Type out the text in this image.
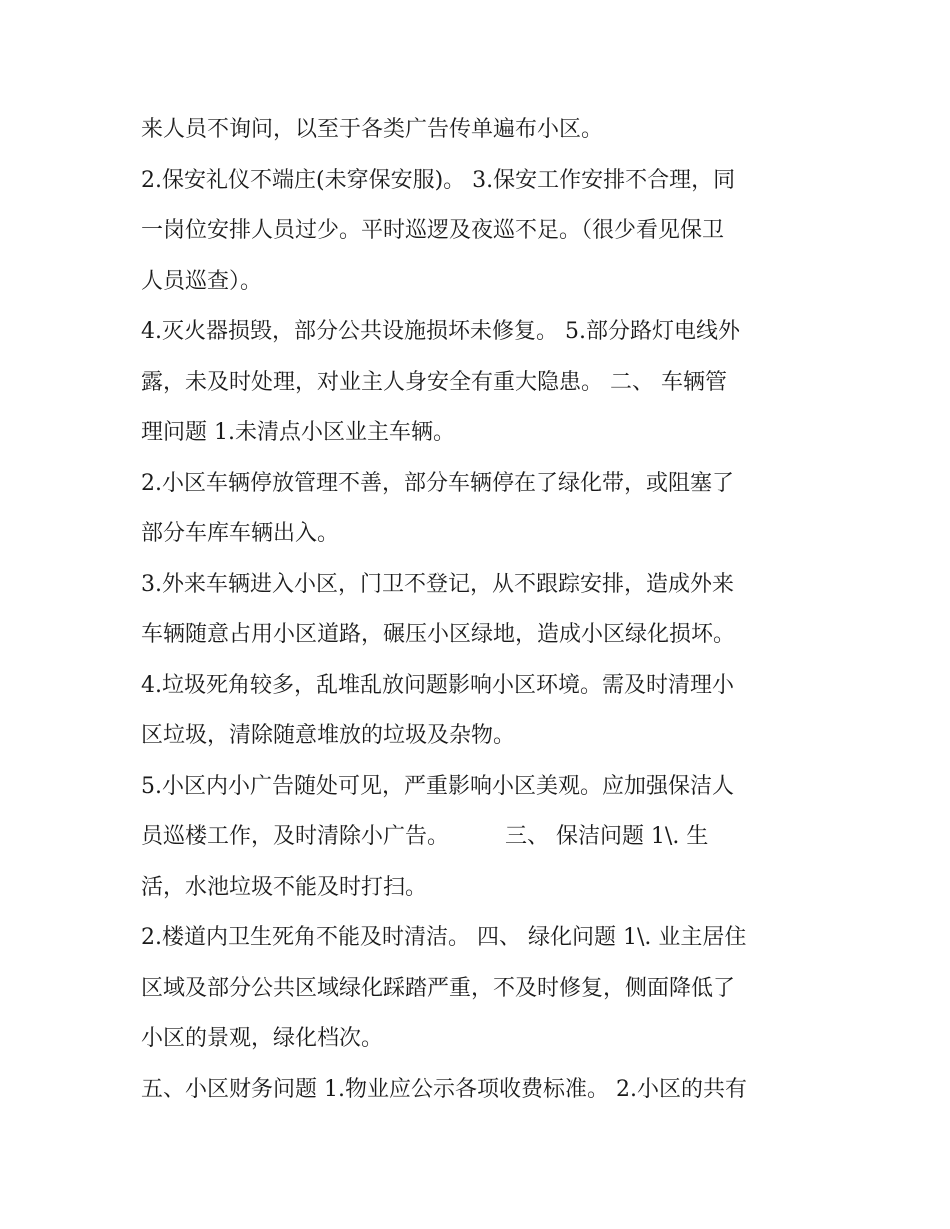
来人员不询问，以至于各类广告传单遍布小区。
2.保安礼仪不端庄(未穿保安服)。 3.保安工作安排不合理，同
一岗位安排人员过少。平时巡逻及夜巡不足。（很少看见保卫
人员巡查）。
4.灭火器损毁，部分公共设施损坏未修复。 5.部分路灯电线外
露，未及时处理，对业主人身安全有重大隐患。 二、 车辆管
理问题 1.未清点小区业主车辆。
2.小区车辆停放管理不善，部分车辆停在了绿化带，或阻塞了
部分车库车辆出入。
3.外来车辆进入小区，门卫不登记，从不跟踪安排，造成外来
车辆随意占用小区道路，碾压小区绿地，造成小区绿化损坏。
4.垃圾死角较多，乱堆乱放问题影响小区环境。需及时清理小
区垃圾，清除随意堆放的垃圾及杂物。
5.小区内小广告随处可见，严重影响小区美观。应加强保洁人
员巡楼工作，及时清除小广告。        三、 保洁问题 1\. 生
活，水池垃圾不能及时打扫。
2.楼道内卫生死角不能及时清洁。 四、 绿化问题 1\. 业主居住
区域及部分公共区域绿化踩踏严重，不及时修复，侧面降低了
小区的景观，绿化档次。
五、小区财务问题 1.物业应公示各项收费标准。 2.小区的共有
